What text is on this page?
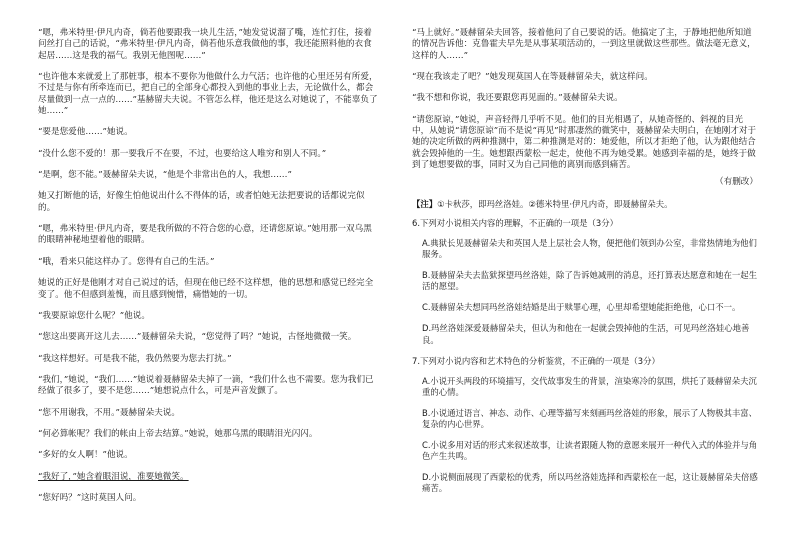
“嗯，弗米特里·伊凡内奇，倘若他要跟我一块儿生活，”她发觉说溜了嘴，连忙打住，接着问丝打自己的话说，“弗米特里·伊凡内奇，倘若他乐意我做他的事，我还能照料他的衣食起居……这是我的福气。我别无他图呢……”

“也许他本来就爱上了那桩事，根本不要你为他做什么力气活；也许他的心里还另有所爱，不过是与你有所牵连而已，把自己的全部身心都投入到他的事业上去，无论做什么，都会尽量做到一点一点的……”基赫留夫夫说。不管怎么样，他还是这么对她说了，不能辜负了她……”

“要是您爱他……”她说。

“没什么您不爱的！那一要我斤不在要，不过，也要给这人唯穷和别人不同。”

“是啊，您不能。”聂赫留朵夫说，“他是个非常出色的人，我想……”

她又打断他的话，好像生怕他说出什么不得体的话，或者怕她无法把要说的话都说完似的。

“嗯，弗米特里·伊凡内奇，要是我所做的不符合您的心意，还请您原谅。”她用那一双乌黑的眼睛神秘地望着他的眼睛。

“哦，看来只能这样办了。您得有自己的生活。”

她说的正好是他刚才对自己说过的话，但现在他已经不这样想，他的思想和感觉已经完全变了。他不但感到羞愧，而且感到惋惜，痛惜她的一切。

“我要原谅您什么呢？”他说。

“您这出要离开这儿去……”聂赫留朵夫说，“您觉得了吗？”她说，古怪地微微一笑。

“我这样想好。可是我不能，我仍然要为您去打扰。”

“我们，”她说，“我们……”她说着聂赫留朵夫掉了一滴，“我们什么也不需要。您为我们已经做了很多了，要不是您……”她想说点什么，可是声音发颤了。

“您不用谢我，不用。”聂赫留朵夫说。

“何必算帐呢？我们的帐由上帝去结算。”她说，她那乌黑的眼睛泪光闪闪。

“多好的女人啊！”他说。

“我好了，”她含着眼泪说，准要她微笑。

“您好吗？”这时莫国人问。

“马上就好。”聂赫留朵夫回答，接着他问了自己要说的话。他搞定了主，于静地把他所知道的情况告诉他：克鲁霍夫早先是从事某项活动的，一到这里就做这些那些。做法毫无意义，这样的人……”

“现在我该走了吧？”她发现莫国人在等聂赫留朵夫，就这样问。

“我不想和你说，我还要跟您再见面的。”聂赫留朵夫说。

“请您原谅，”她说，声音轻得几乎听不见。他们的目光相遇了，从她奇怪的、斜视的目光中，从她说“请您原谅”而不是说“再见”时那凄然的微笑中，聂赫留朵夫明白，在她刚才对于她的决定所做的两种推测中，第二种推测是对的：她爱他，所以才拒绝了他，认为跟他结合就会毁掉他的一生。她想跟西蒙松一起走，使他不再为她受累。她感到幸福的是，她终于做到了她想要做的事，同时又为自己同他的离别而感到痛苦。

（有删改）

【注】①卡秋莎，即玛丝洛娃。②德米特里·伊凡内奇，即聂赫留朵夫。

6.下列对小说相关内容的理解，不正确的一项是（3分）

A.典狱长见聂赫留朵夫和英国人是上层社会人物，便把他们领到办公室，非常热情地为他们服务。

B.聂赫留朵夫去监狱探望玛丝洛娃，除了告诉她减刑的消息，还打算表达愿意和她在一起生活的愿望。

C.聂赫留朵夫想同玛丝洛娃结婚是出于赎罪心理，心里却希望她能拒绝他，心口不一。

D.玛丝洛娃深爱聂赫留朵夫，但认为和他在一起就会毁掉他的生活，可见玛丝洛娃心地善良。

7.下列对小说内容和艺术特色的分析鉴赏，不正确的一项是（3分）

A.小说开头两段的环境描写，交代故事发生的背景，渲染寒冷的氛围，烘托了聂赫留朵夫沉重的心情。

B.小说通过语言、神态、动作、心理等描写来刻画玛丝洛娃的形象，展示了人物极其丰富、复杂的内心世界。

C.小说多用对话的形式来叙述故事，让读者跟随人物的意愿来展开一种代入式的体验并与角色产生共鸣。

D.小说侧面展现了西蒙松的优秀，所以玛丝洛娃选择和西蒙松在一起，这让聂赫留朵夫倍感痛苦。
